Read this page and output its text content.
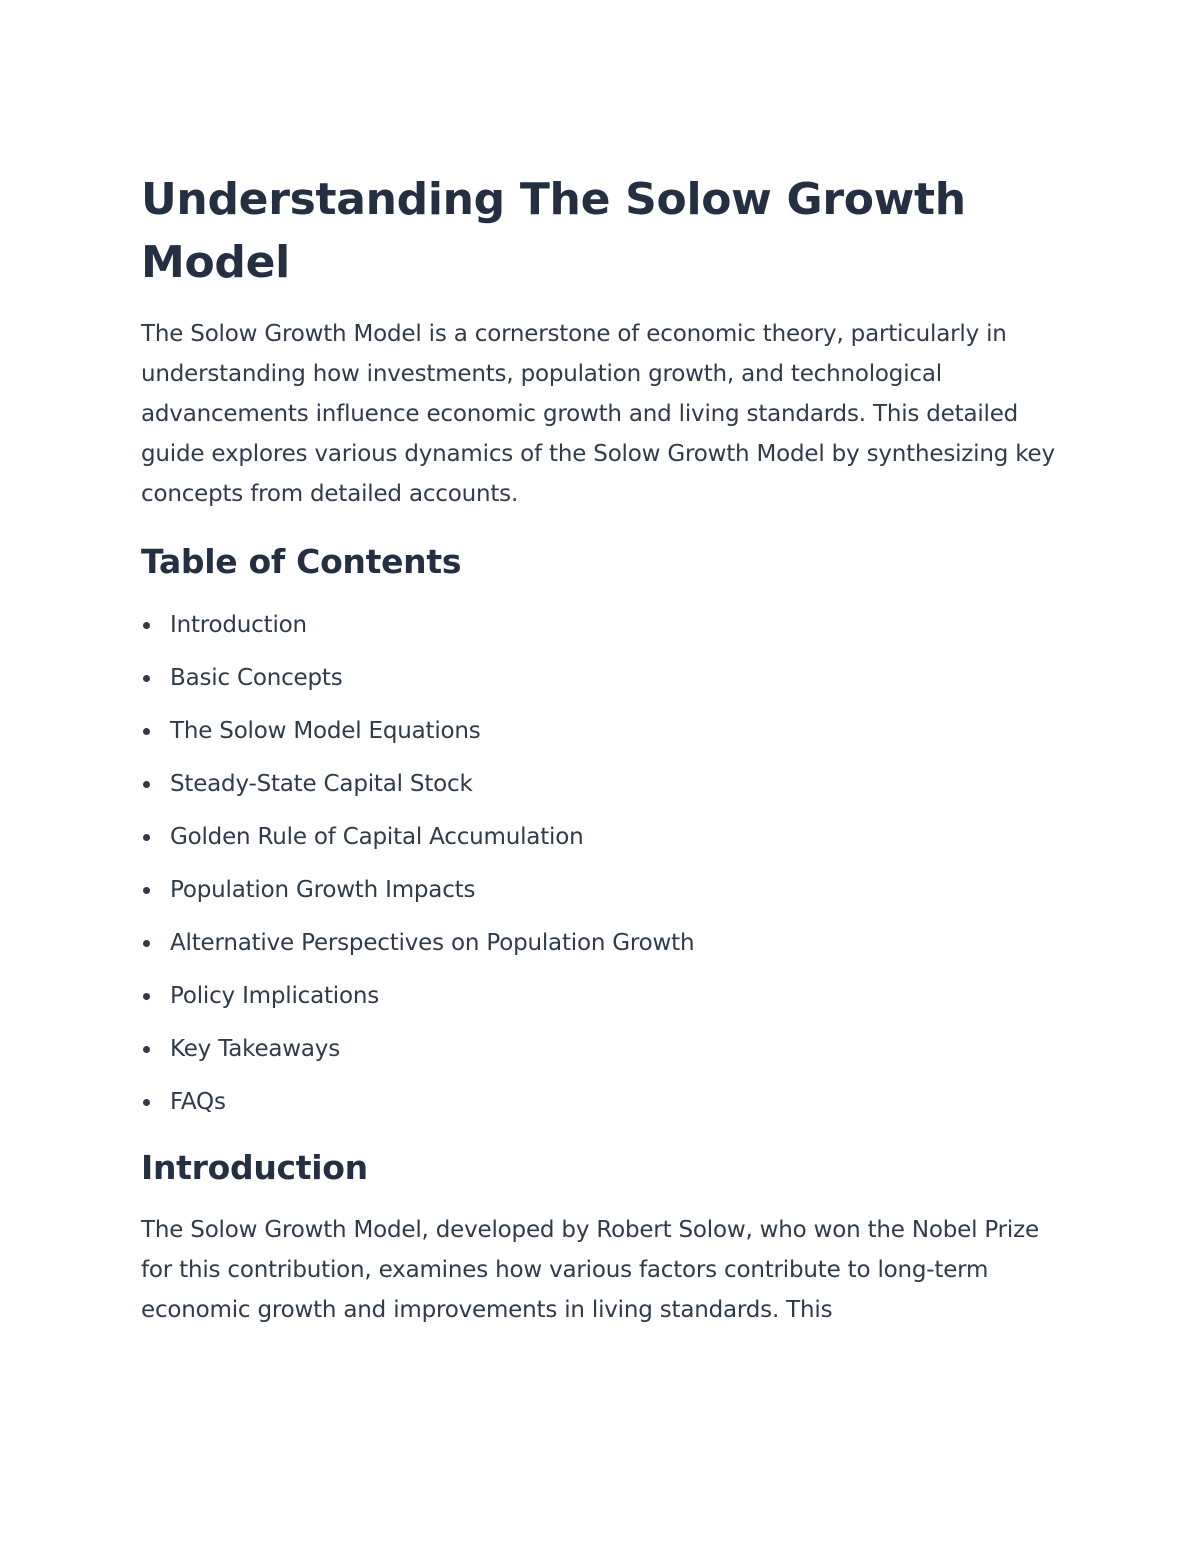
Understanding The Solow Growth Model

The Solow Growth Model is a cornerstone of economic theory, particularly in understanding how investments, population growth, and technological advancements influence economic growth and living standards. This detailed guide explores various dynamics of the Solow Growth Model by synthesizing key concepts from detailed accounts.

Table of Contents
Introduction
Basic Concepts
The Solow Model Equations
Steady-State Capital Stock
Golden Rule of Capital Accumulation
Population Growth Impacts
Alternative Perspectives on Population Growth
Policy Implications
Key Takeaways
FAQs
Introduction

The Solow Growth Model, developed by Robert Solow, who won the Nobel Prize for this contribution, examines how various factors contribute to long-term economic growth and improvements in living standards. This
